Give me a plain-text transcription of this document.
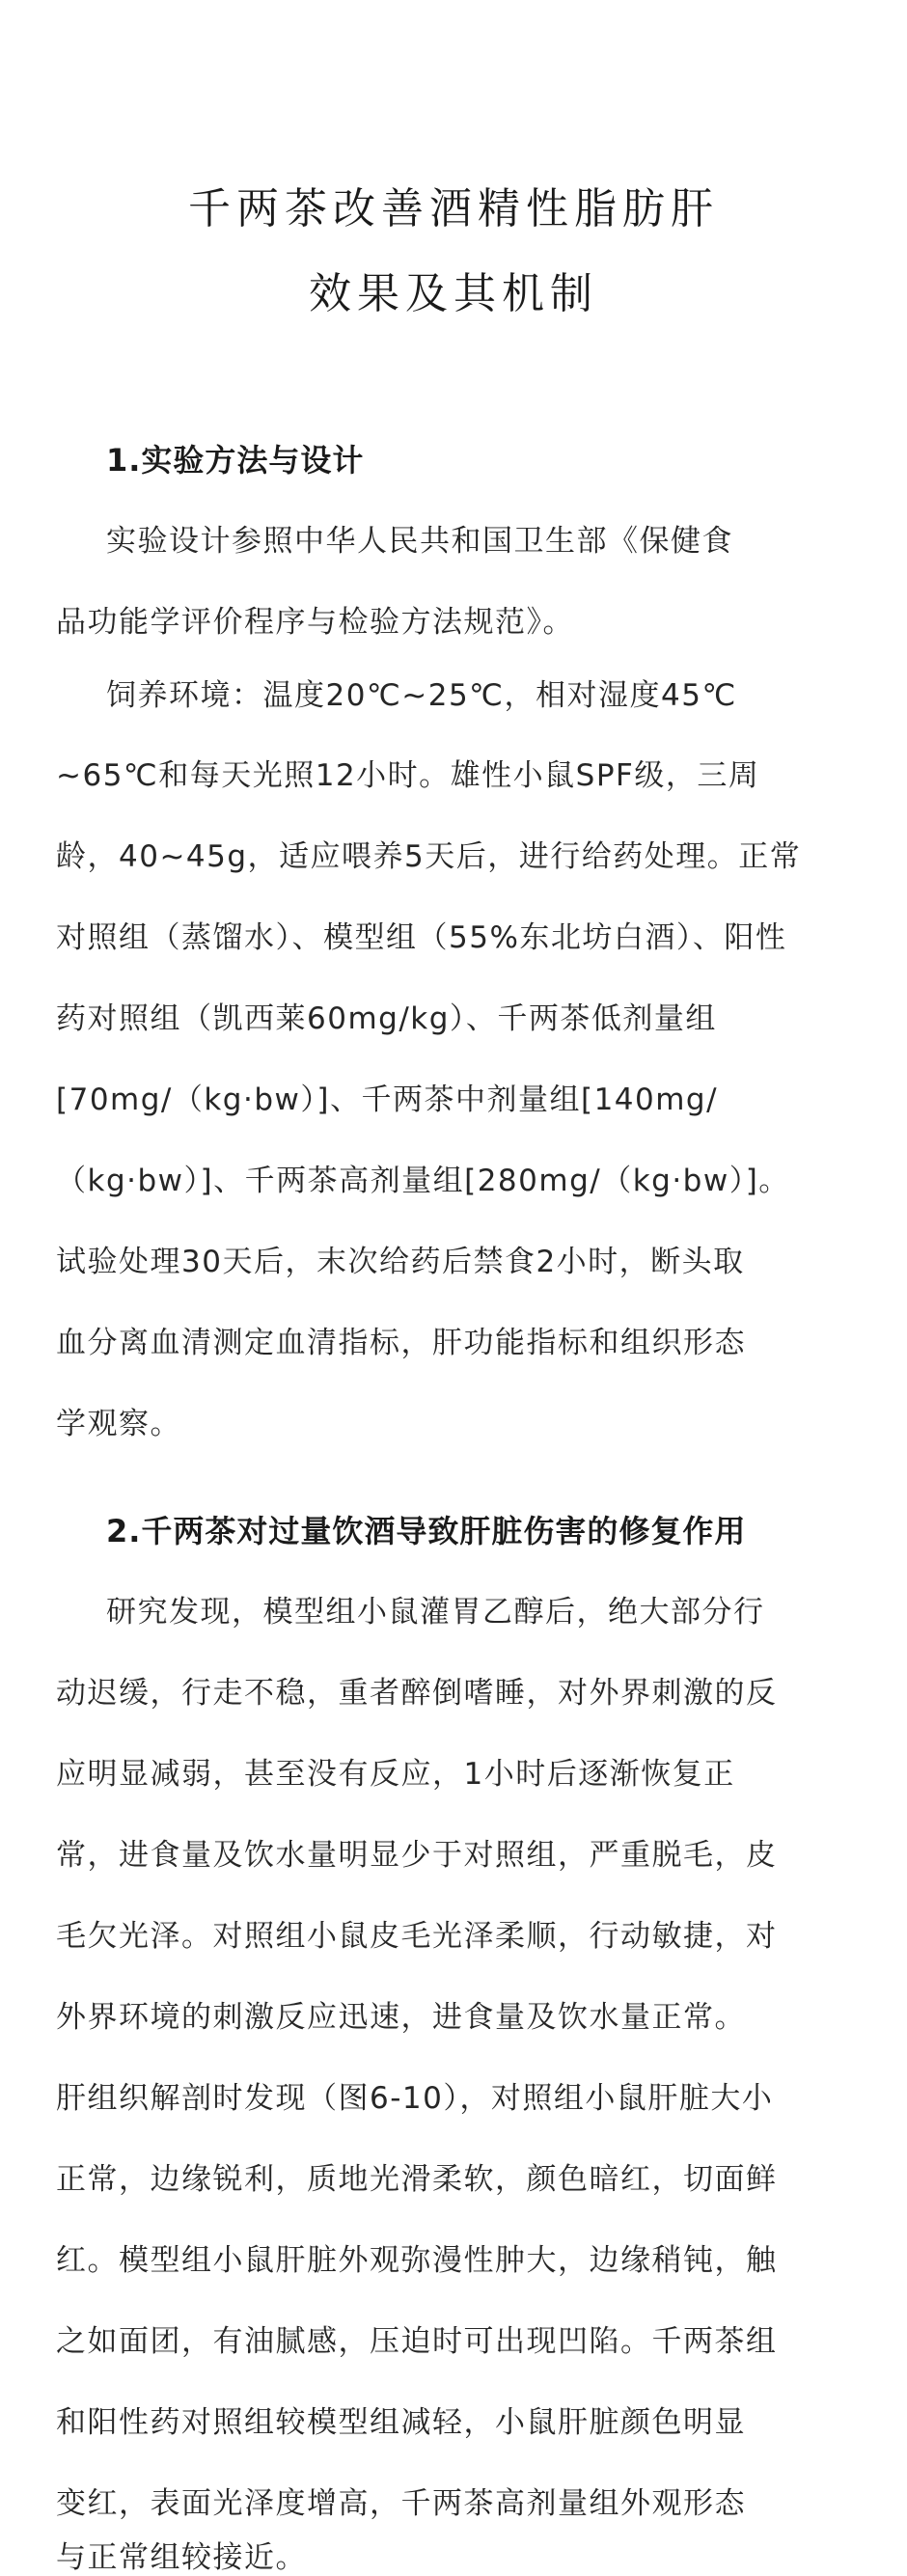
千两茶改善酒精性脂肪肝
效果及其机制
1.实验方法与设计

实验设计参照中华人民共和国卫生部《保健食

品功能学评价程序与检验方法规范》。

饲养环境：温度20℃~25℃，相对湿度45℃

~65℃和每天光照12小时。雄性小鼠SPF级，三周

龄，40~45g，适应喂养5天后，进行给药处理。正常

对照组（蒸馏水）、模型组（55%东北坊白酒）、阳性

药对照组（凯西莱60mg/kg）、千两茶低剂量组

[70mg/（kg·bw）]、千两茶中剂量组[140mg/

（kg·bw）]、千两茶高剂量组[280mg/（kg·bw）]。

试验处理30天后，末次给药后禁食2小时，断头取

血分离血清测定血清指标，肝功能指标和组织形态

学观察。

2.千两茶对过量饮酒导致肝脏伤害的修复作用

研究发现，模型组小鼠灌胃乙醇后，绝大部分行

动迟缓，行走不稳，重者醉倒嗜睡，对外界刺激的反

应明显减弱，甚至没有反应，1小时后逐渐恢复正

常，进食量及饮水量明显少于对照组，严重脱毛，皮

毛欠光泽。对照组小鼠皮毛光泽柔顺，行动敏捷，对

外界环境的刺激反应迅速，进食量及饮水量正常。

肝组织解剖时发现（图6-10），对照组小鼠肝脏大小

正常，边缘锐利，质地光滑柔软，颜色暗红，切面鲜

红。模型组小鼠肝脏外观弥漫性肿大，边缘稍钝，触

之如面团，有油腻感，压迫时可出现凹陷。千两茶组

和阳性药对照组较模型组减轻，小鼠肝脏颜色明显

变红，表面光泽度增高，千两茶高剂量组外观形态

与正常组较接近。
